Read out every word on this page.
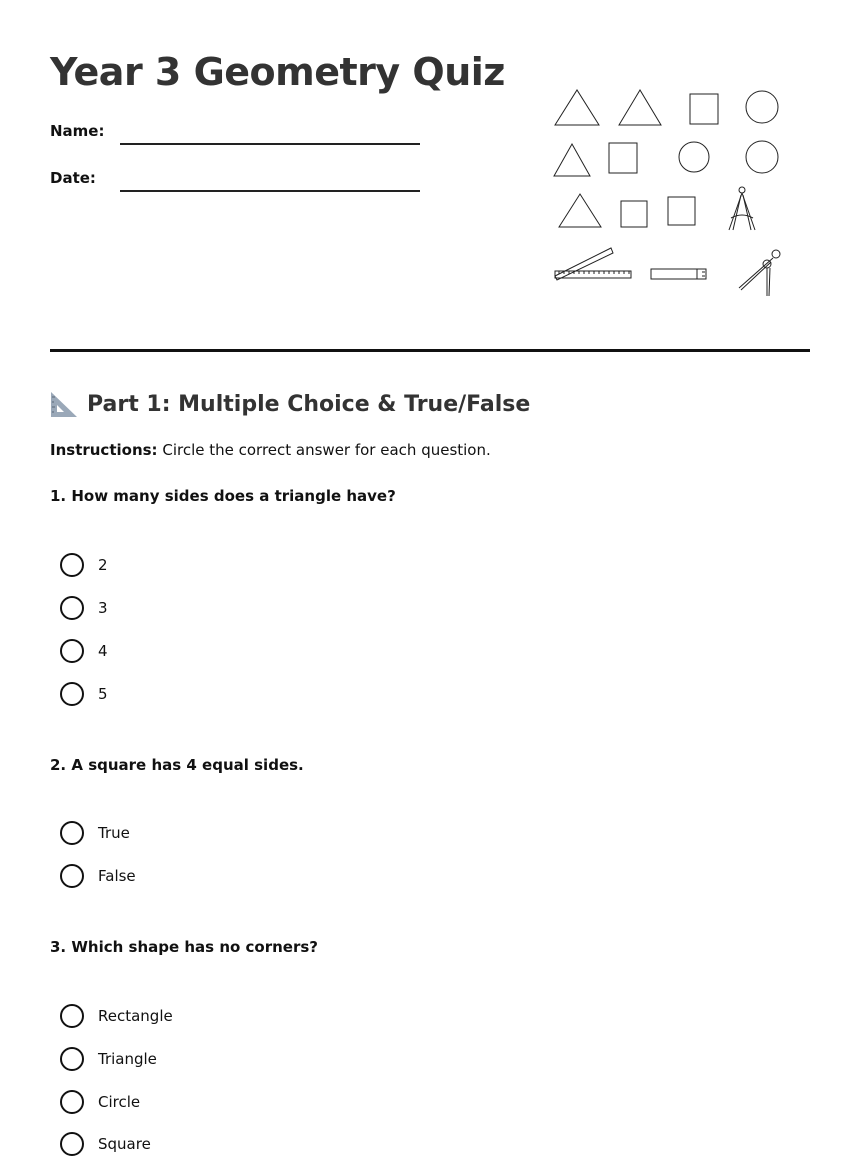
Year 3 Geometry Quiz
Name:
Date:
Part 1: Multiple Choice & True/False
Instructions: Circle the correct answer for each question.
1. How many sides does a triangle have?
2
3
4
5
2. A square has 4 equal sides.
True
False
3. Which shape has no corners?
Rectangle
Triangle
Circle
Square
